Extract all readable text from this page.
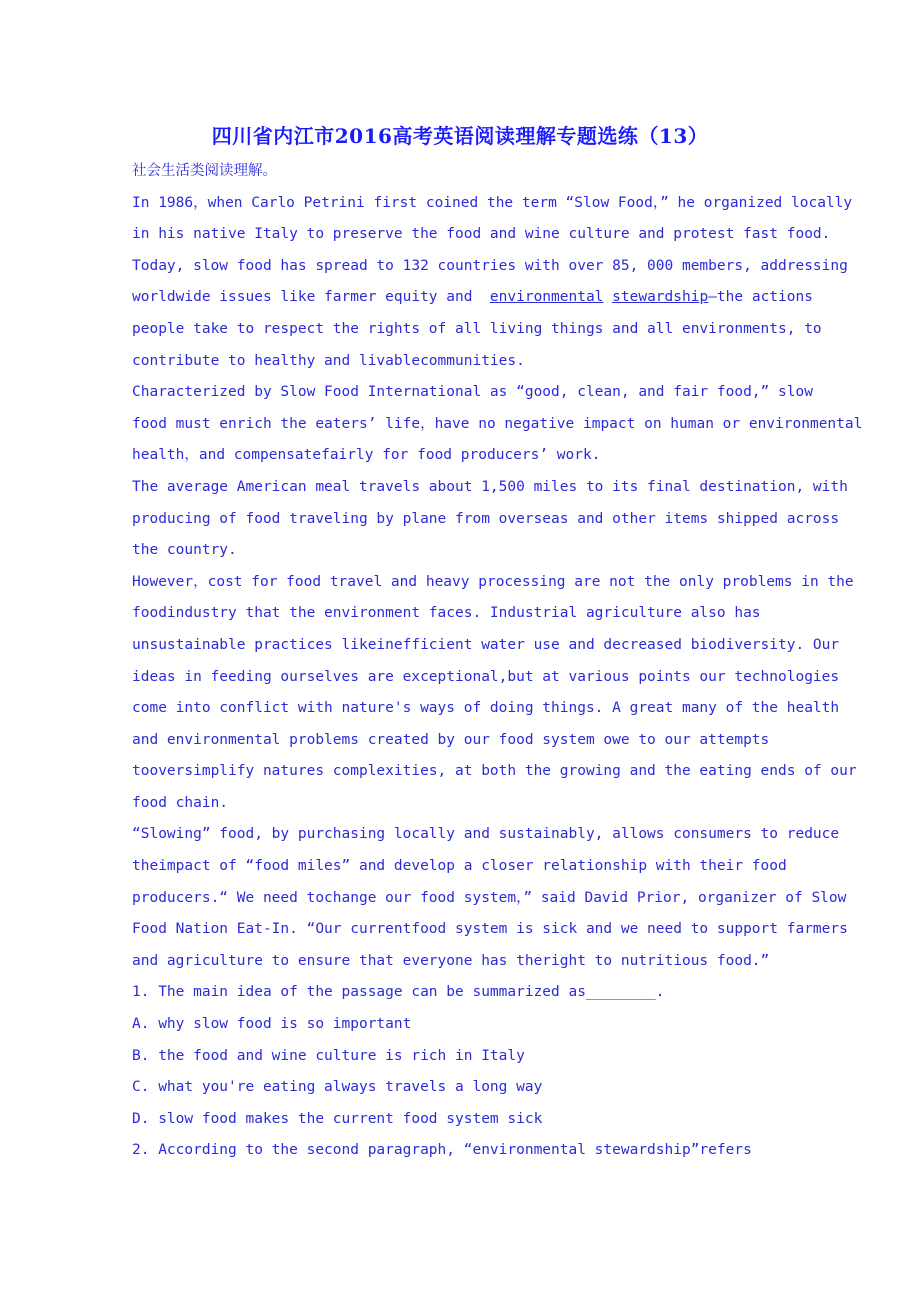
四川省内江市2016高考英语阅读理解专题选练（13）
社会生活类阅读理解。
In 1986，when Carlo Petrini first coined the term “Slow Food，” he organized locally
in his native Italy to preserve the food and wine culture and protest fast food.
Today, slow food has spread to 132 countries with over 85, 000 members, addressing
worldwide issues like farmer equity and  environmental stewardship—the actions
people take to respect the rights of all living things and all environments, to
contribute to healthy and livablecommunities.
Characterized by Slow Food International as “good, clean, and fair food,” slow
food must enrich the eaters’ life，have no negative impact on human or environmental
health，and compensatefairly for food producers’ work.
The average American meal travels about 1,500 miles to its final destination, with
producing of food traveling by plane from overseas and other items shipped across
the country.
However，cost for food travel and heavy processing are not the only problems in the
foodindustry that the environment faces. Industrial agriculture also has
unsustainable practices likeinefficient water use and decreased biodiversity. Our
ideas in feeding ourselves are exceptional,but at various points our technologies
come into conflict with nature's ways of doing things. A great many of the health
and environmental problems created by our food system owe to our attempts
tooversimplify natures complexities, at both the growing and the eating ends of our
food chain.
“Slowing” food, by purchasing locally and sustainably, allows consumers to reduce
theimpact of “food miles” and develop a closer relationship with their food
producers.“ We need tochange our food system，” said David Prior, organizer of Slow
Food Nation Eat-In. “Our currentfood system is sick and we need to support farmers
and agriculture to ensure that everyone has theright to nutritious food.”
1. The main idea of the passage can be summarized as________.
A. why slow food is so important
B. the food and wine culture is rich in Italy
C. what you're eating always travels a long way
D. slow food makes the current food system sick
2. According to the second paragraph, “environmental stewardship”refers
